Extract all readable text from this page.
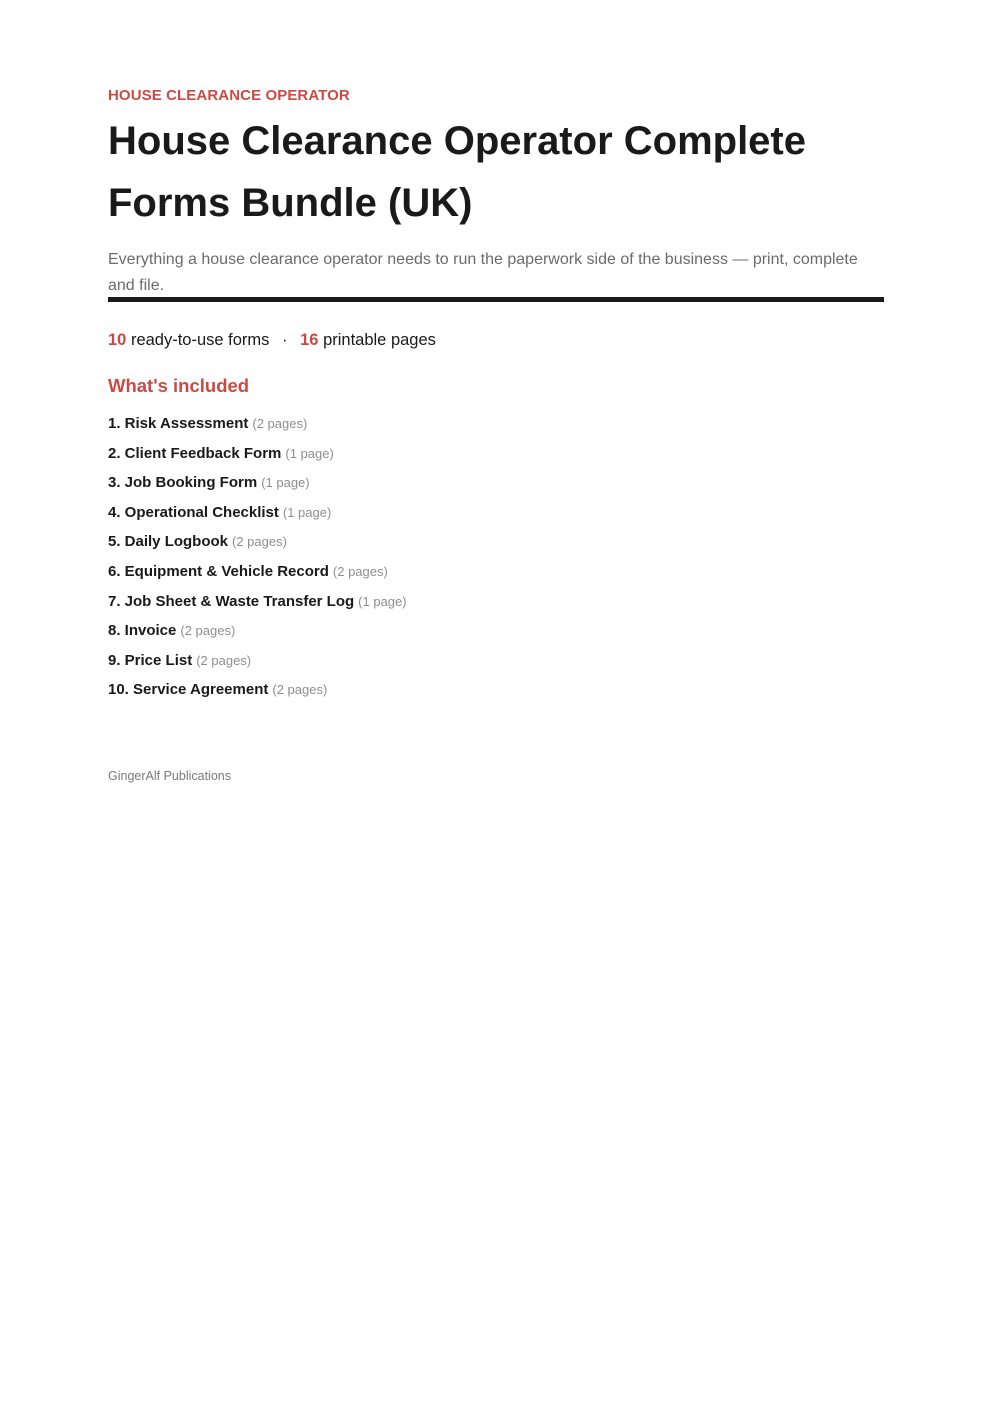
HOUSE CLEARANCE OPERATOR
House Clearance Operator Complete Forms Bundle (UK)

Everything a house clearance operator needs to run the paperwork side of the business — print, complete and file.

10 ready-to-use forms · 16 printable pages
What's included
1. Risk Assessment (2 pages)
2. Client Feedback Form (1 page)
3. Job Booking Form (1 page)
4. Operational Checklist (1 page)
5. Daily Logbook (2 pages)
6. Equipment & Vehicle Record (2 pages)
7. Job Sheet & Waste Transfer Log (1 page)
8. Invoice (2 pages)
9. Price List (2 pages)
10. Service Agreement (2 pages)
GingerAlf Publications
